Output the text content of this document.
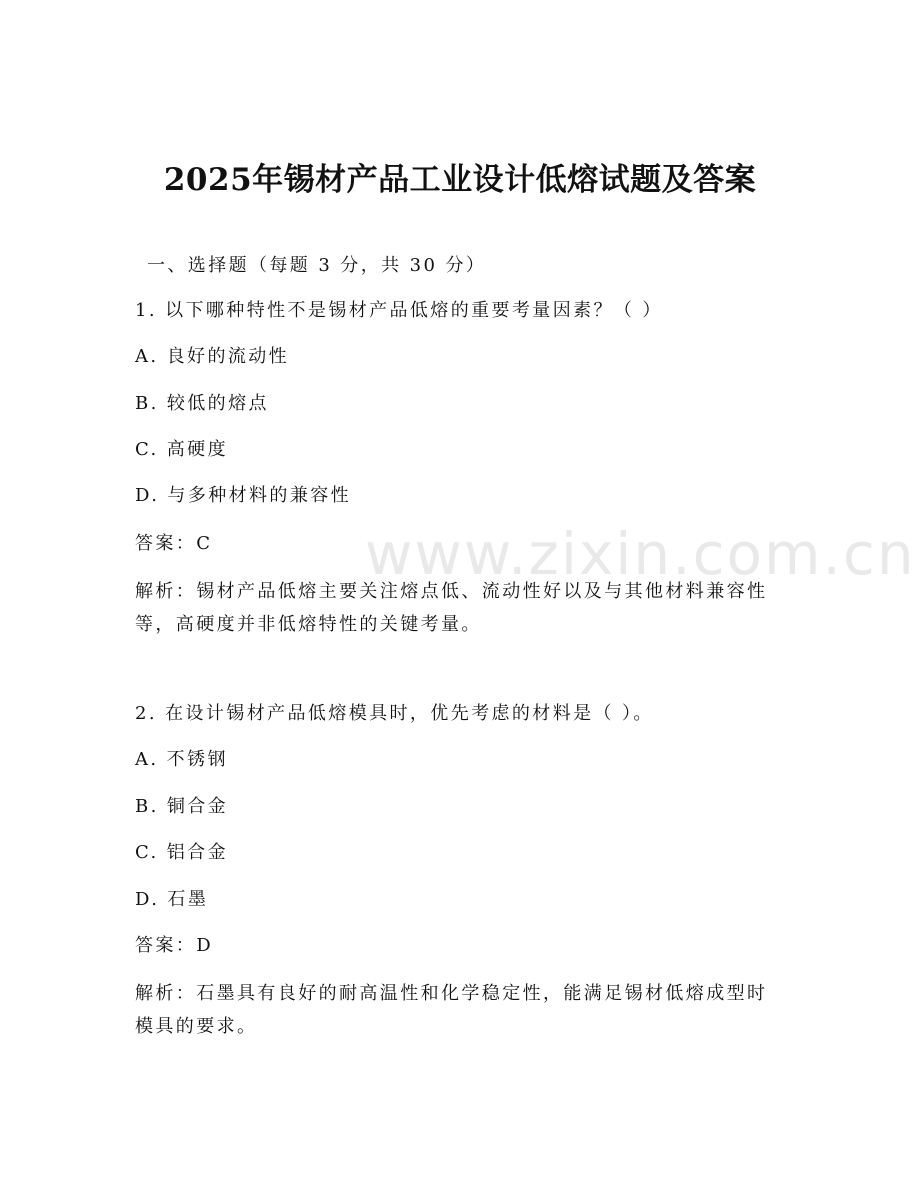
www.zixin.com.cn
2025年锡材产品工业设计低熔试题及答案
一、选择题（每题 3 分，共 30 分）
1. 以下哪种特性不是锡材产品低熔的重要考量因素？（ ）
A. 良好的流动性
B. 较低的熔点
C. 高硬度
D. 与多种材料的兼容性
答案：C
解析：锡材产品低熔主要关注熔点低、流动性好以及与其他材料兼容性等，高硬度并非低熔特性的关键考量。
2. 在设计锡材产品低熔模具时，优先考虑的材料是（ ）。
A. 不锈钢
B. 铜合金
C. 铝合金
D. 石墨
答案：D
解析：石墨具有良好的耐高温性和化学稳定性，能满足锡材低熔成型时模具的要求。
